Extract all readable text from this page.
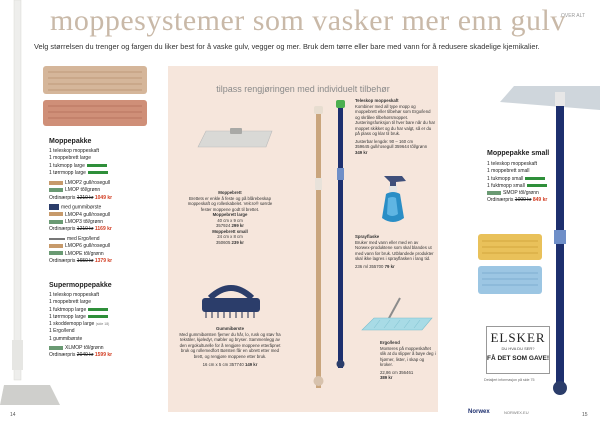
moppesystemer som vasker mer enn gulv
Velg størrelsen du trenger og fargen du liker best for å vaske gulv, vegger og mer. Bruk dem tørre eller bare med vann for å redusere skadelige kjemikalier.
OVER ALT
Moppepakke
1 teleskop moppeskaft
1 moppebrett large
1 tukmopp large
1 tørrmopp large
LMOP2 gull/rosegull
LMOP tõl/grønn
Ordinærpris 1210 kr 1049 kr
med gummibørste
LMOP4 gull/rosegull
LMOP3 tõl/grønn
Ordinærpris 1210 kr 1169 kr
med Ergo/lend
LMOP6 gull/rosegull
LMOPE tõl/grønn
Ordinærpris 1650 kr 1379 kr
Supermoppepakke
1 teleskop moppeskaft
1 moppebrett large
1 fuktmopp large
1 tørrmopp large
1 skoddemopp large (side 18)
1 Ergo/lend
1 gummibørste
XLMOP tõl/grønn
Ordinærpris 2049 kr 1599 kr
14
tilpass rengjøringen med individuelt tilbehør
Moppebrett
Brettets er enkle å feste og på blårebeskap moppeskaft og rolleskabelet. Velcro® sørrde fester moppene godt til brettet.
Moppebrett large
40 cm x 9 cm
357924 299 kr
Moppebrett small
24 cm x 8 cm
350605 239 kr
Gummibørste
Med gummibørsten fjerner du hår, lo, rusk og støv fra tekstiler, kjøledyr, møbler og bryser. Sammenlegg av den ergokulturelle for å rengjøre moppene etteråpnet bruk og rollemedfort Børsten får en ubrett etter med brett, og rengjøre moppene etter bruk.
16 cm x 5 cm 357740 149 kr
Teleskop moppeskaft
Kombiner med all type mopp og moppebrett eller tilbehør som Ergo/lend og skrålee tilbehørsmoppet. Justeringsfunksjon til hver bare når du har moppet skikket og du har valgt, så er du på plass og klar til bruk.
Justerbar lengde: 90 – 160 cm
359645 gull/rosegull 359644 tõl/grønn
349 kr
Sprayflaske
Bruker med vann eller med en av Norwex-produktene som skal blandes ut med vann før bruk. Utblandede produkter skal ikke lagres i sprayflasken i lang tid.
236 ml 355700 79 kr
Ergo/lend
Monteres på moppeskaftet slik at du slipper å bøye deg i hjørner, lister, i skap og kroker.
22,86 cm 356461
389 kr
Moppepakke small
1 teleskop moppeskaft
1 moppebrett small
1 tukmopp small
1 fuktmopp small
SMOP tõl/grønn
Ordinærpris 1000 kr 849 kr
ELSKER
DU HVA DU SER?
FÅ DET SOM GAVE!
Detaljert informasjon på side 75
Norwex	NORWEX.EU	15
